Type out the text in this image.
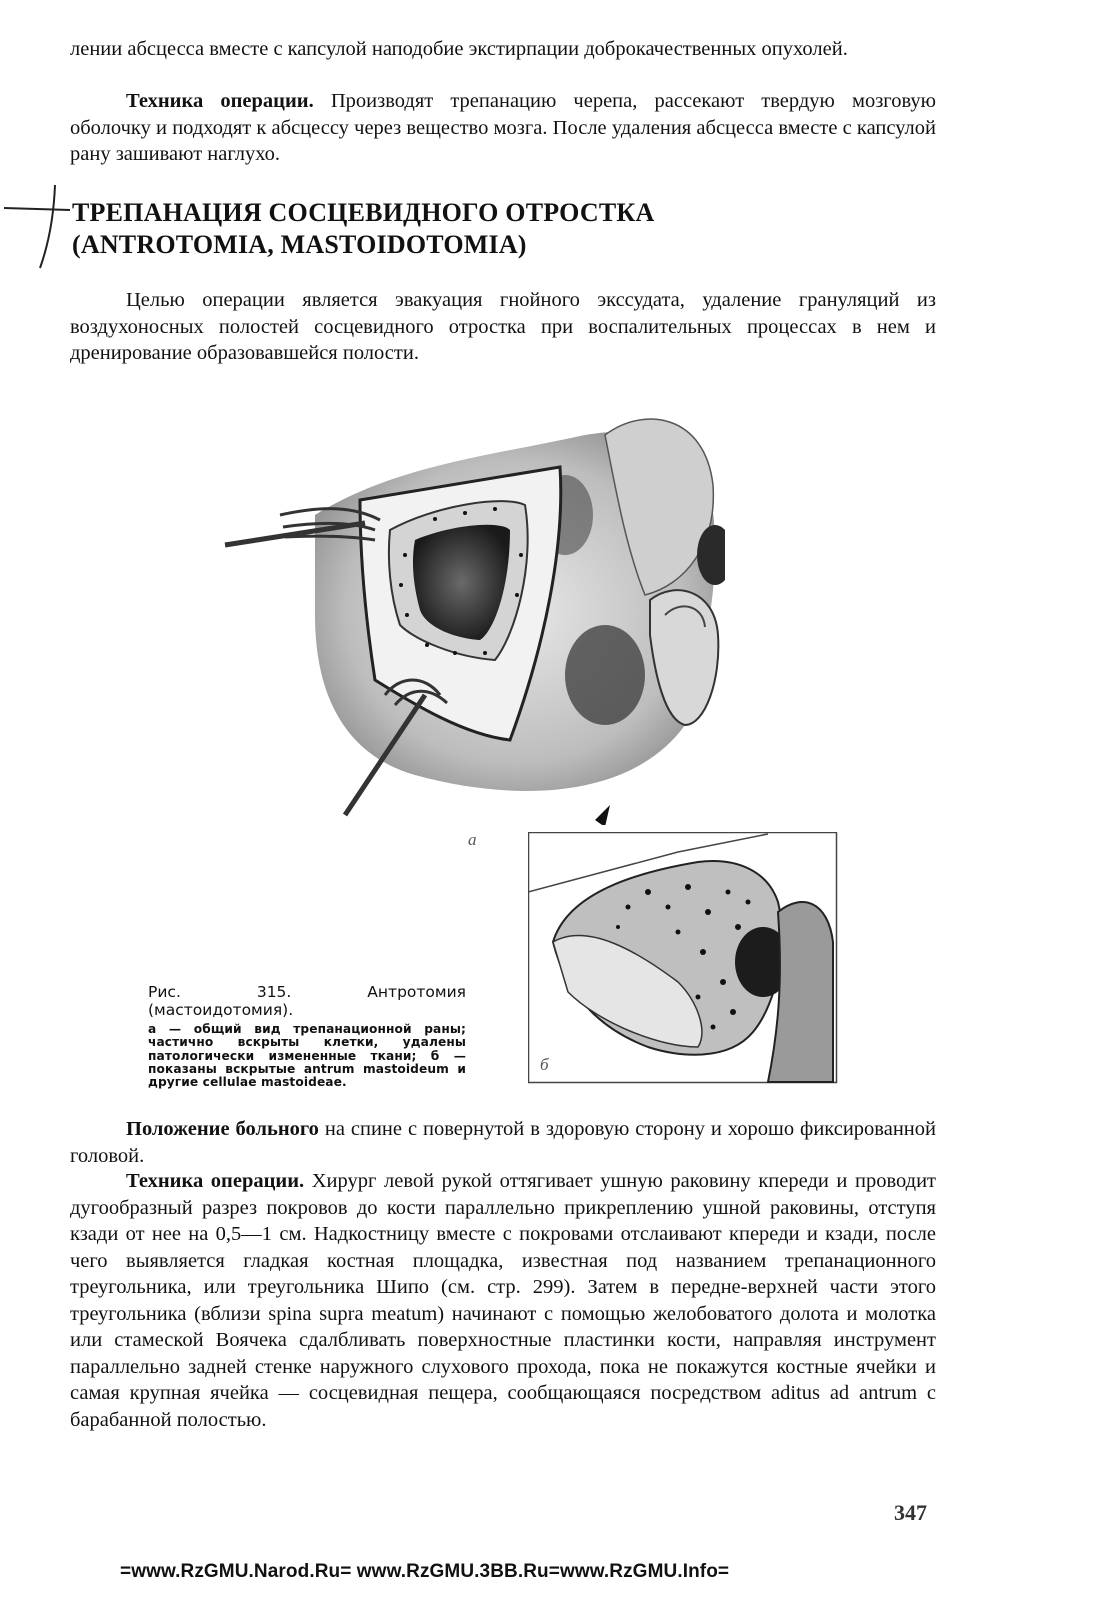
лении абсцесса вместе с капсулой наподобие экстирпации доброкачественных опухолей.

Техника операции. Производят трепанацию черепа, рассекают твердую мозговую оболочку и подходят к абсцессу через вещество мозга. После удаления абсцесса вместе с капсулой рану зашивают наглухо.

ТРЕПАНАЦИЯ СОСЦЕВИДНОГО ОТРОСТКА
(ANTROTOMIA, MASTOIDOTOMIA)

Целью операции является эвакуация гнойного экссудата, удаление грануляций из воздухоносных полостей сосцевидного отростка при воспалительных процессах в нем и дренирование образовавшейся полости.

a
б

Рис. 315. Антротомия (мастоидотомия).

а — общий вид трепанационной раны; частично вскрыты клетки, удалены патологически измененные ткани; б — показаны вскрытые antrum mastoideum и другие cellulae mastoideae.

Положение больного на спине с повернутой в здоровую сторону и хорошо фиксированной головой.

Техника операции. Хирург левой рукой оттягивает ушную раковину кпереди и проводит дугообразный разрез покровов до кости параллельно прикреплению ушной раковины, отступя кзади от нее на 0,5—1 см. Надкостницу вместе с покровами отслаивают кпереди и кзади, после чего выявляется гладкая костная площадка, известная под названием трепанационного треугольника, или треугольника Шипо (см. стр. 299). Затем в передне-верхней части этого треугольника (вблизи spina supra meatum) начинают с помощью желобоватого долота и молотка или стамеской Воячека сдалбливать поверхностные пластинки кости, направляя инструмент параллельно задней стенке наружного слухового прохода, пока не покажутся костные ячейки и самая крупная ячейка — сосцевидная пещера, сообщающаяся посредством aditus ad antrum с барабанной полостью.

347
=www.RzGMU.Narod.Ru= www.RzGMU.3BB.Ru=www.RzGMU.Info=
